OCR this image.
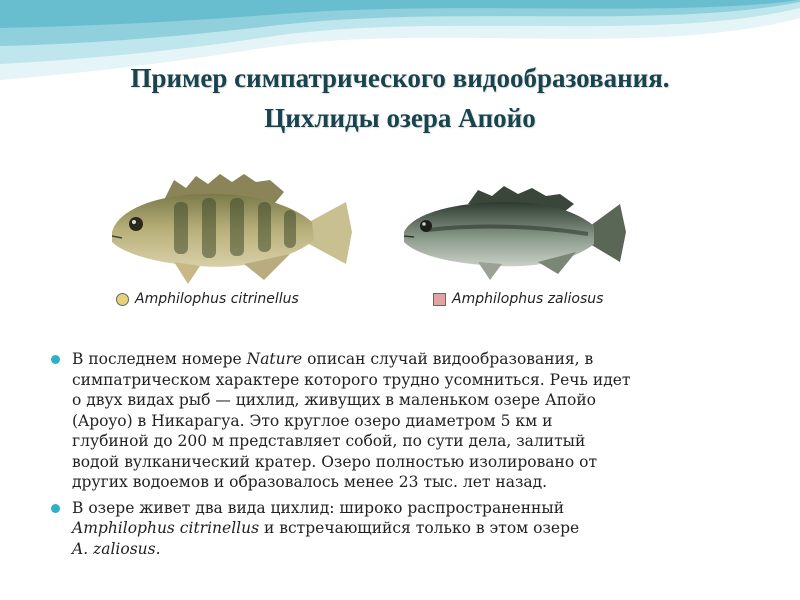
Пример симпатрического видообразования.
Цихлиды озера Апойо
Amphilophus citrinellus	Amphilophus zaliosus
В последнем номере Nature описан случай видообразования, в
симпатрическом характере которого трудно усомниться. Речь идет
о двух видах рыб — цихлид, живущих в маленьком озере Апойо
(Apoyo) в Никарагуа. Это круглое озеро диаметром 5 км и
глубиной до 200 м представляет собой, по сути дела, залитый
водой вулканический кратер. Озеро полностью изолировано от
других водоемов и образовалось менее 23 тыс. лет назад.
В озере живет два вида цихлид: широко распространенный
Amphilophus citrinellus и встречающийся только в этом озере
A. zaliosus.
